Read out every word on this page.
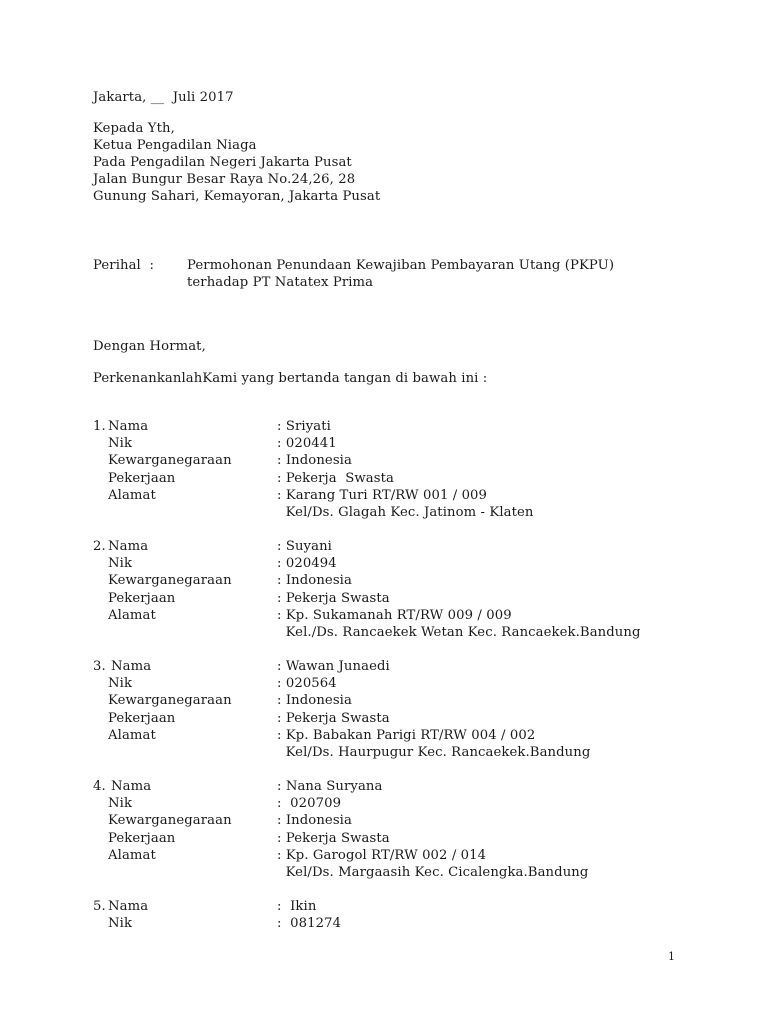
Jakarta, __  Juli 2017
Kepada Yth,
Ketua Pengadilan Niaga
Pada Pengadilan Negeri Jakarta Pusat
Jalan Bungur Besar Raya No.24,26, 28
Gunung Sahari, Kemayoran, Jakarta Pusat
Perihal  : Permohonan Penundaan Kewajiban Pembayaran Utang (PKPU)
terhadap PT Natatex Prima
Dengan Hormat,
PerkenankanlahKami yang bertanda tangan di bawah ini :
1. Nama	: Sriyati
Nik	: 020441
Kewarganegaraan	: Indonesia
Pekerjaan	: Pekerja  Swasta
Alamat	: Karang Turi RT/RW 001 / 009
Kel/Ds. Glagah Kec. Jatinom - Klaten
2. Nama	: Suyani
Nik	: 020494
Kewarganegaraan	: Indonesia
Pekerjaan	: Pekerja Swasta
Alamat	: Kp. Sukamanah RT/RW 009 / 009
Kel./Ds. Rancaekek Wetan Kec. Rancaekek.Bandung
3. Nama	: Wawan Junaedi
Nik	: 020564
Kewarganegaraan	: Indonesia
Pekerjaan	: Pekerja Swasta
Alamat	: Kp. Babakan Parigi RT/RW 004 / 002
Kel/Ds. Haurpugur Kec. Rancaekek.Bandung
4. Nama	: Nana Suryana
Nik	:  020709
Kewarganegaraan	: Indonesia
Pekerjaan	: Pekerja Swasta
Alamat	: Kp. Garogol RT/RW 002 / 014
Kel/Ds. Margaasih Kec. Cicalengka.Bandung
5. Nama	:  Ikin
Nik	:  081274
1
